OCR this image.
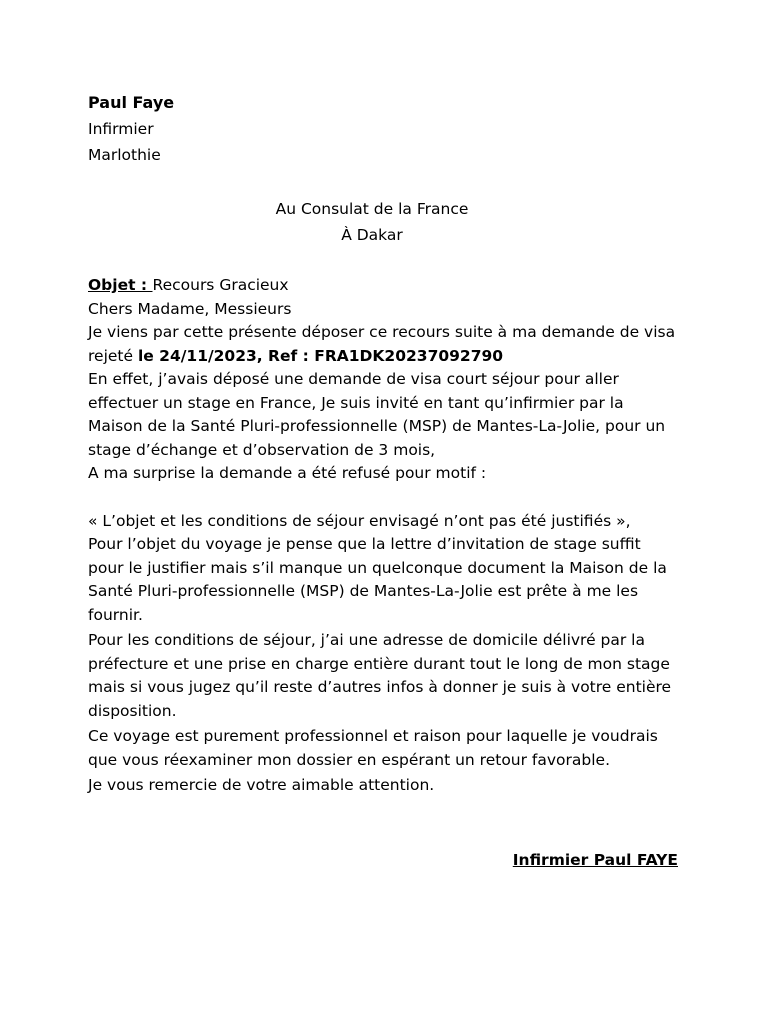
Paul Faye

Infirmier

Marlothie

Au Consulat de la France

À Dakar

Objet : Recours Gracieux

Chers Madame, Messieurs

Je viens par cette présente déposer ce recours suite à ma demande de visa

rejeté le 24/11/2023, Ref : FRA1DK20237092790

En effet, j’avais déposé une demande de visa court séjour pour aller

effectuer un stage en France, Je suis invité en tant qu’infirmier par la

Maison de la Santé Pluri-professionnelle (MSP) de Mantes-La-Jolie, pour un

stage d’échange et d’observation de 3 mois,

A ma surprise la demande a été refusé pour motif :

« L’objet et les conditions de séjour envisagé n’ont pas été justifiés »,

Pour l’objet du voyage je pense que la lettre d’invitation de stage suffit

pour le justifier mais s’il manque un quelconque document la Maison de la

Santé Pluri-professionnelle (MSP) de Mantes-La-Jolie est prête à me les

fournir.

Pour les conditions de séjour, j’ai une adresse de domicile délivré par la

préfecture et une prise en charge entière durant tout le long de mon stage

mais si vous jugez qu’il reste d’autres infos à donner je suis à votre entière

disposition.

Ce voyage est purement professionnel et raison pour laquelle je voudrais

que vous réexaminer mon dossier en espérant un retour favorable.

Je vous remercie de votre aimable attention.

Infirmier Paul FAYE
